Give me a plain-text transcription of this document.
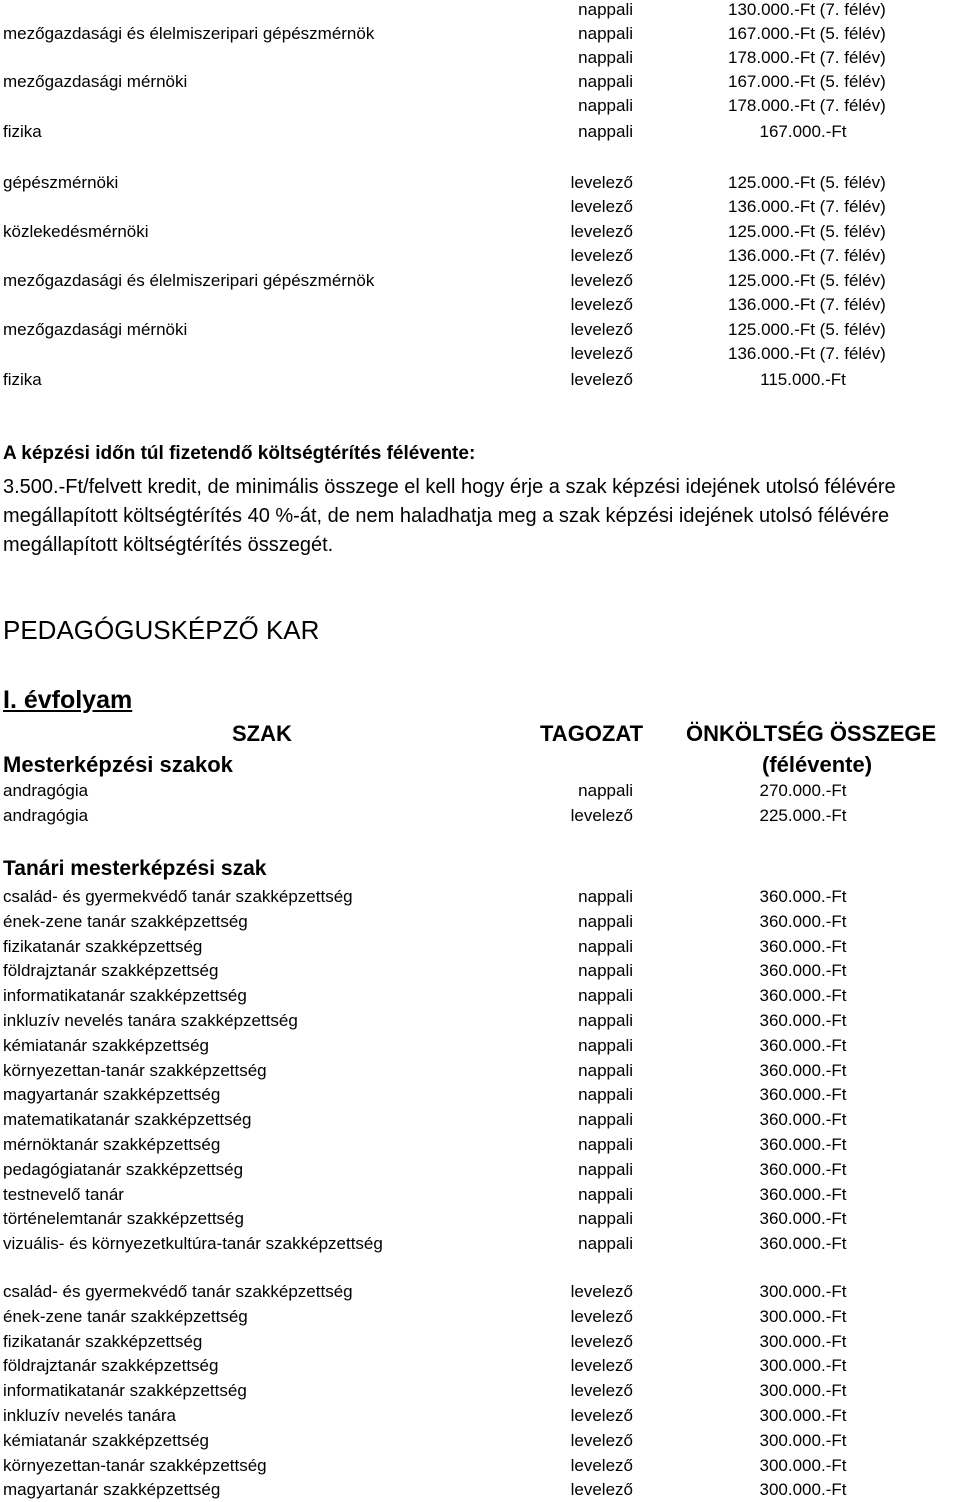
nappali	130.000.-Ft (7. félév)
mezőgazdasági és élelmiszeripari gépészmérnök	nappali	167.000.-Ft (5. félév)
nappali	178.000.-Ft (7. félév)
mezőgazdasági mérnöki	nappali	167.000.-Ft (5. félév)
nappali	178.000.-Ft (7. félév)
fizika	nappali	167.000.-Ft
gépészmérnöki	levelező	125.000.-Ft (5. félév)
levelező	136.000.-Ft (7. félév)
közlekedésmérnöki	levelező	125.000.-Ft (5. félév)
levelező	136.000.-Ft (7. félév)
mezőgazdasági és élelmiszeripari gépészmérnök	levelező	125.000.-Ft (5. félév)
levelező	136.000.-Ft (7. félév)
mezőgazdasági mérnöki	levelező	125.000.-Ft (5. félév)
levelező	136.000.-Ft (7. félév)
fizika	levelező	115.000.-Ft
A képzési időn túl fizetendő költségtérítés félévente:
3.500.-Ft/felvett kredit, de minimális összege el kell hogy érje a szak képzési idejének utolsó félévére megállapított költségtérítés 40 %-át, de nem haladhatja meg a szak képzési idejének utolsó félévére megállapított költségtérítés összegét.
PEDAGÓGUSKÉPZŐ KAR
I. évfolyam
SZAK	TAGOZAT ÖNKÖLTSÉG ÖSSZEGE
Mesterképzési szakok	(félévente)
andragógia	nappali	270.000.-Ft
andragógia	levelező	225.000.-Ft
Tanári mesterképzési szak
család- és gyermekvédő tanár szakképzettség	nappali	360.000.-Ft
ének-zene tanár szakképzettség	nappali	360.000.-Ft
fizikatanár szakképzettség	nappali	360.000.-Ft
földrajztanár szakképzettség	nappali	360.000.-Ft
informatikatanár szakképzettség	nappali	360.000.-Ft
inkluzív nevelés tanára szakképzettség	nappali	360.000.-Ft
kémiatanár szakképzettség	nappali	360.000.-Ft
környezettan-tanár szakképzettség	nappali	360.000.-Ft
magyartanár szakképzettség	nappali	360.000.-Ft
matematikatanár szakképzettség	nappali	360.000.-Ft
mérnöktanár szakképzettség	nappali	360.000.-Ft
pedagógiatanár szakképzettség	nappali	360.000.-Ft
testnevelő tanár	nappali	360.000.-Ft
történelemtanár szakképzettség	nappali	360.000.-Ft
vizuális- és környezetkultúra-tanár szakképzettség	nappali	360.000.-Ft
család- és gyermekvédő tanár szakképzettség	levelező	300.000.-Ft
ének-zene tanár szakképzettség	levelező	300.000.-Ft
fizikatanár szakképzettség	levelező	300.000.-Ft
földrajztanár szakképzettség	levelező	300.000.-Ft
informatikatanár szakképzettség	levelező	300.000.-Ft
inkluzív nevelés tanára	levelező	300.000.-Ft
kémiatanár szakképzettség	levelező	300.000.-Ft
környezettan-tanár szakképzettség	levelező	300.000.-Ft
magyartanár szakképzettség	levelező	300.000.-Ft
